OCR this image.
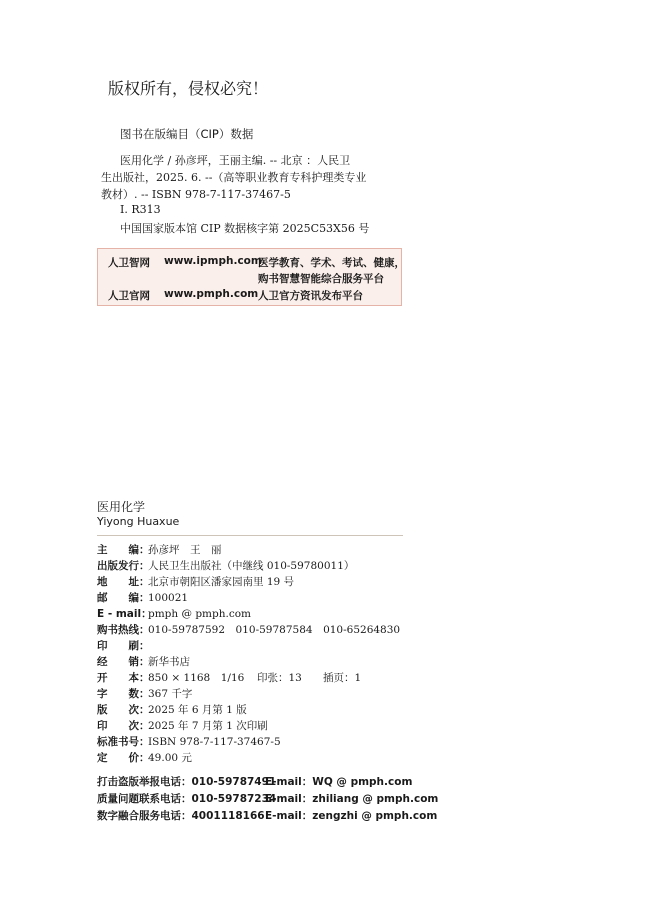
版权所有，侵权必究！
图书在版编目（CIP）数据
医用化学 / 孙彦坪，王丽主编. -- 北京 ：人民卫
生出版社，2025. 6. --（高等职业教育专科护理类专业
教材）. -- ISBN 978-7-117-37467-5
Ⅰ. R313
中国国家版本馆 CIP 数据核字第 2025C53X56 号
人卫智网 www.ipmph.com
医学教育、学术、考试、健康，
购书智慧智能综合服务平台
人卫官网 www.pmph.com 人卫官方资讯发布平台
医用化学
Yiyong Huaxue
主　　编：
孙彦坪　王　丽
出版发行：
人民卫生出版社（中继线 010-59780011）
地　　址：
北京市朝阳区潘家园南里 19 号
邮　　编：
100021
E - mail：
pmph @ pmph.com
购书热线：
010-59787592　010-59787584　010-65264830
印　　刷：
经　　销：
新华书店
开　　本：
850 × 1168　1/16 印张：13 插页：1
字　　数：
367 千字
版　　次：
2025 年 6 月第 1 版
印　　次：
2025 年 7 月第 1 次印刷
标准书号：
ISBN 978-7-117-37467-5
定　　价：
49.00 元
打击盗版举报电话：010-59787491
E-mail：WQ @ pmph.com
质量问题联系电话：010-59787234
E-mail：zhiliang @ pmph.com
数字融合服务电话：4001118166 E-mail：zengzhi @ pmph.com
